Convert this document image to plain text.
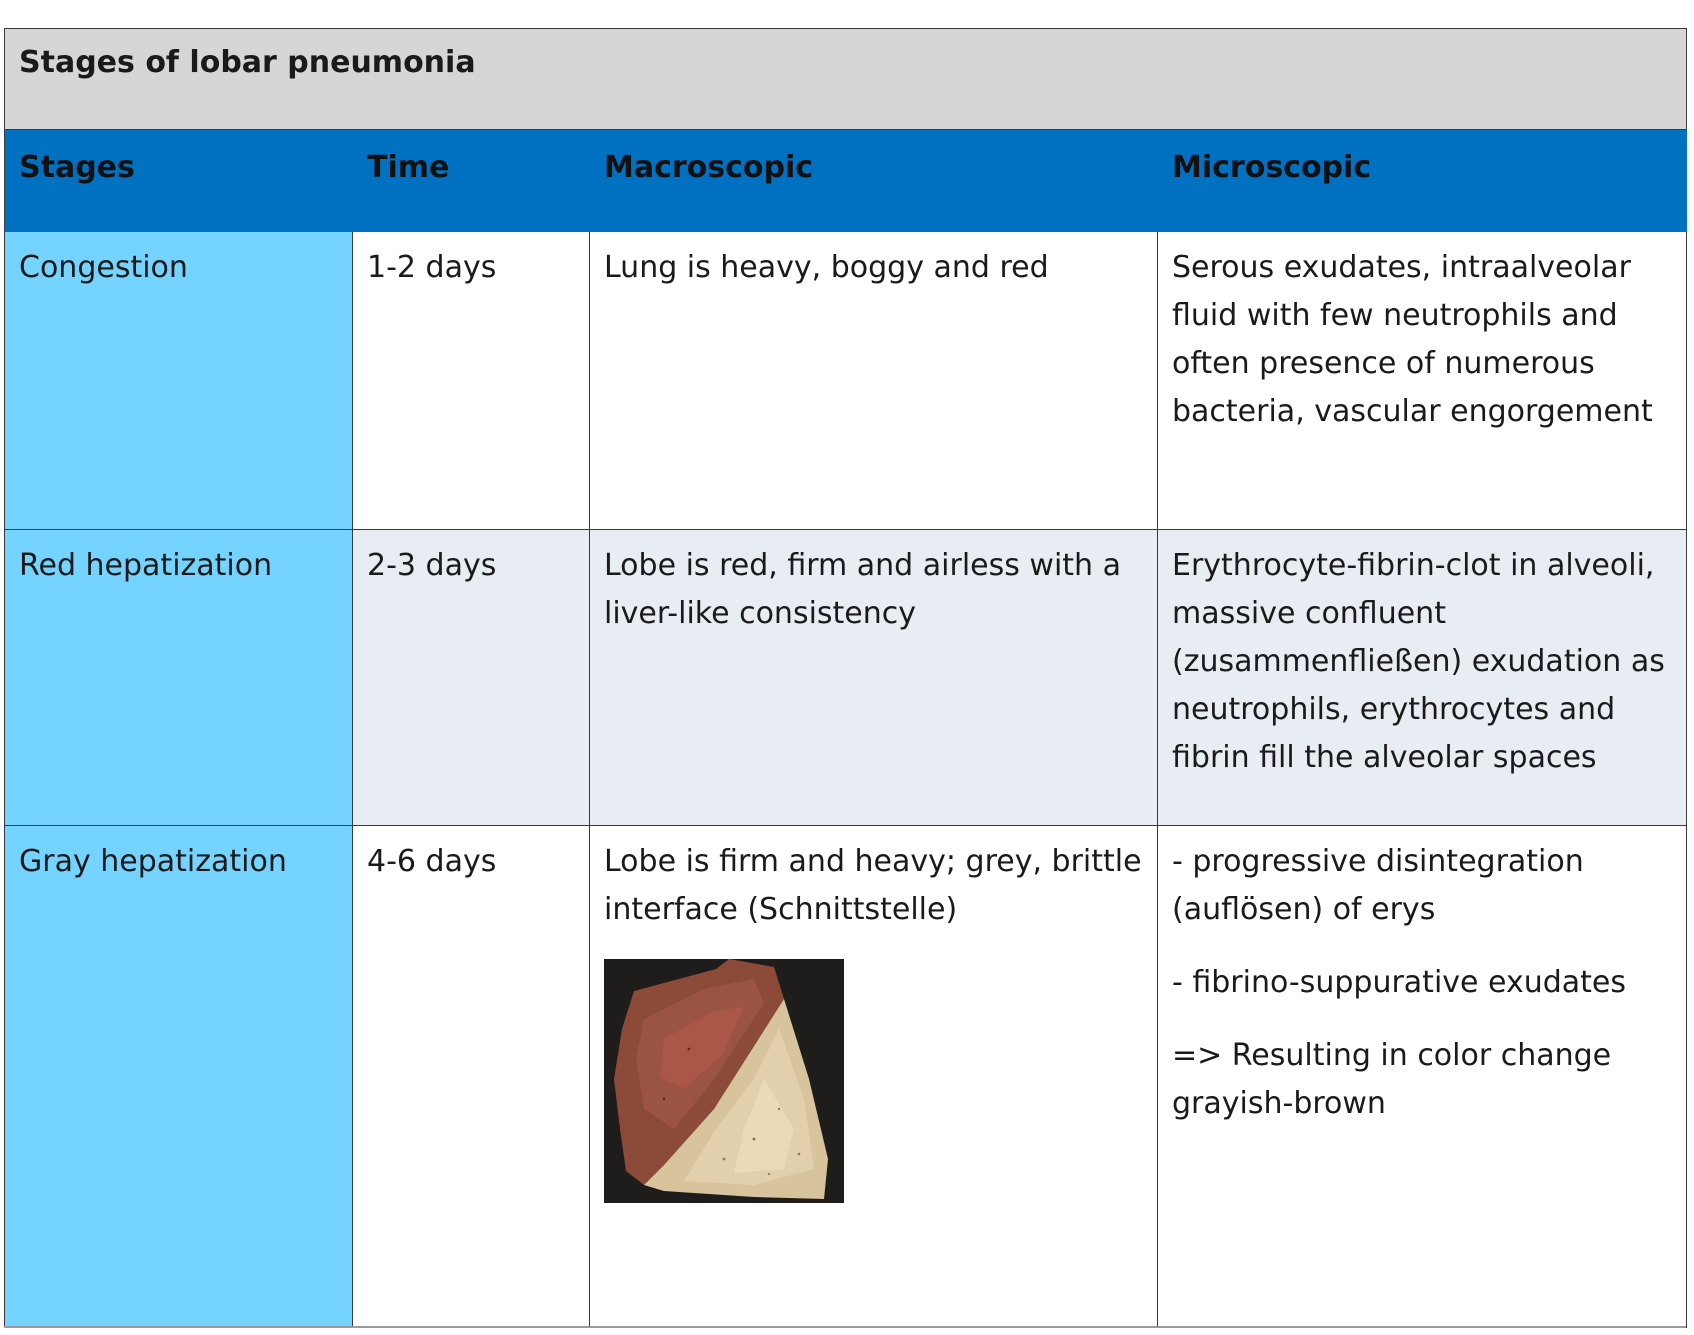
Stages of lobar pneumonia			
Stages	Time	Macroscopic	Microscopic
Congestion	1-2 days	Lung is heavy, boggy and red	Serous exudates, intraalveolar fluid with few neutrophils and often presence of numerous bacteria, vascular engorgement

Red hepatization	2-3 days	Lobe is red, firm and airless with a liver-like consistency	Erythrocyte-fibrin-clot in alveoli, massive confluent (zusammenfließen) exudation as neutrophils, erythrocytes and fibrin fill the alveolar spaces

Gray hepatization	4-6 days	Lobe is firm and heavy; grey, brittle interface (Schnittstelle)	- progressive disintegration (auflösen) of erys

- fibrino-suppurative exudates

=> Resulting in color change grayish-brown
